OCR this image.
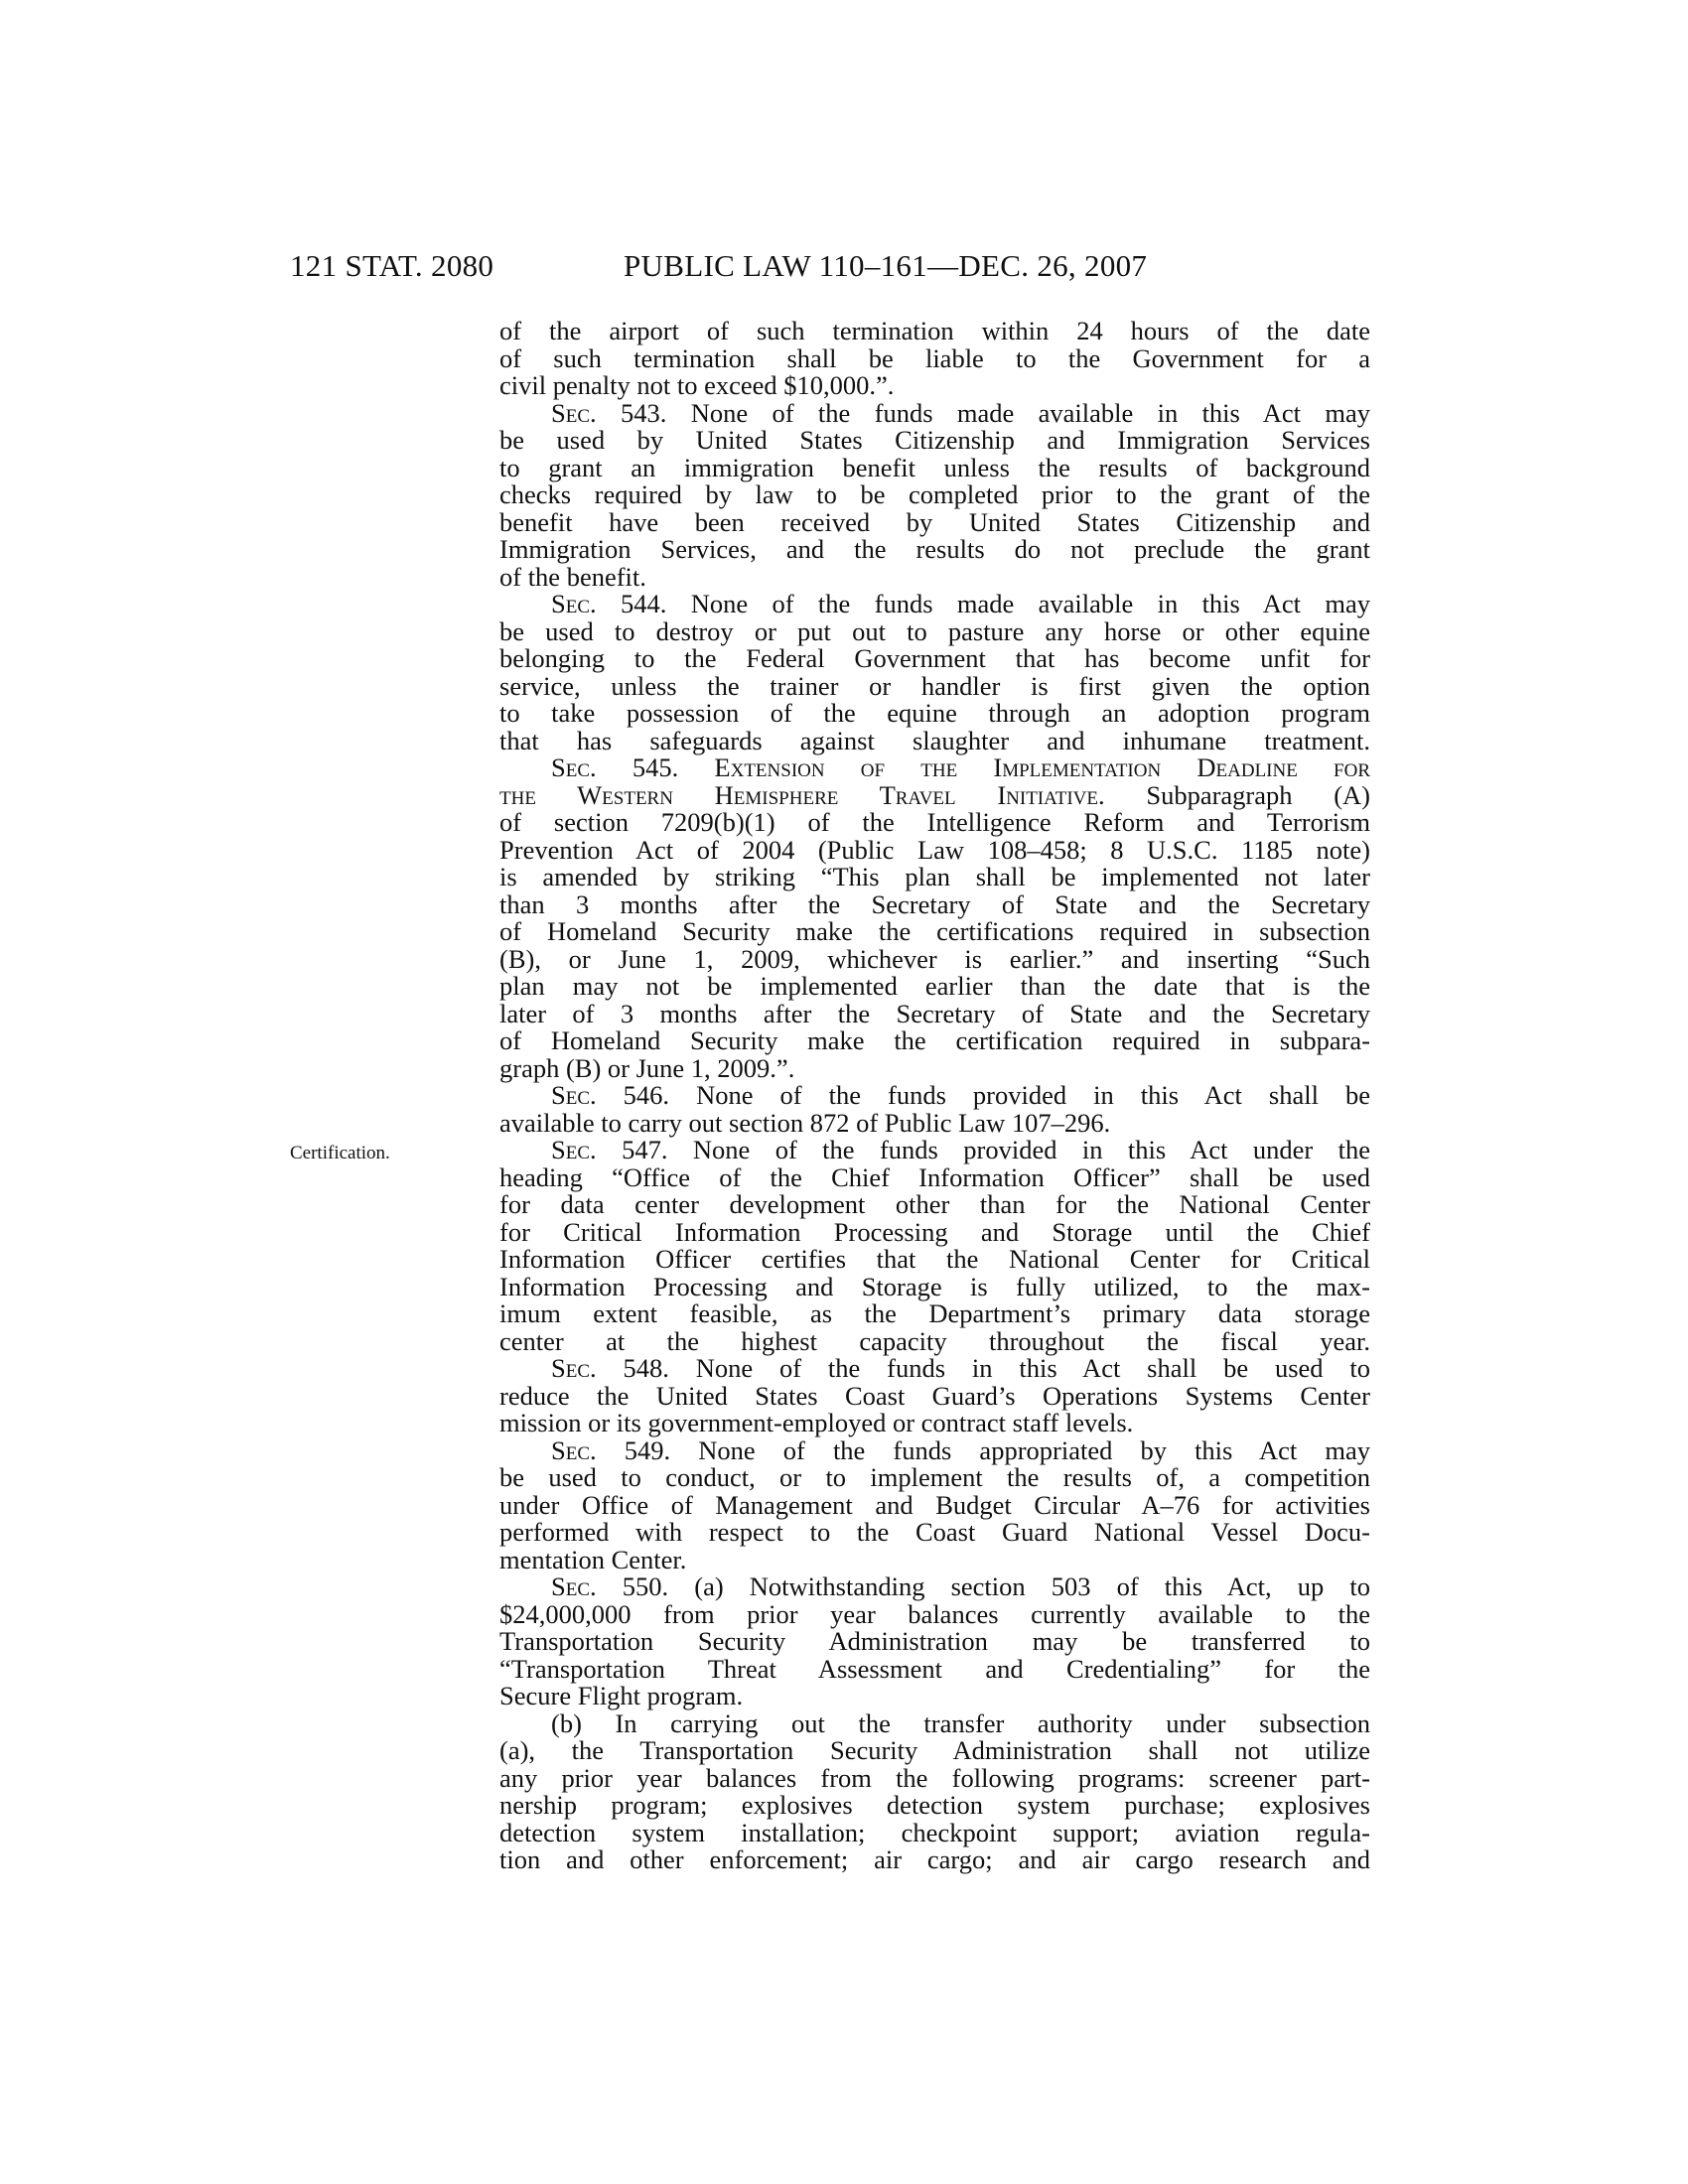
121 STAT. 2080	PUBLIC LAW 110–161—DEC. 26, 2007
Certification.
of the airport of such termination within 24 hours of the date
of such termination shall be liable to the Government for a
civil penalty not to exceed $10,000.”.
Sec. 543. None of the funds made available in this Act may
be used by United States Citizenship and Immigration Services
to grant an immigration benefit unless the results of background
checks required by law to be completed prior to the grant of the
benefit have been received by United States Citizenship and
Immigration Services, and the results do not preclude the grant
of the benefit.
Sec. 544. None of the funds made available in this Act may
be used to destroy or put out to pasture any horse or other equine
belonging to the Federal Government that has become unfit for
service, unless the trainer or handler is first given the option
to take possession of the equine through an adoption program
that has safeguards against slaughter and inhumane treatment.
Sec. 545. Extension of the Implementation Deadline for
the Western Hemisphere Travel Initiative. Subparagraph (A)
of section 7209(b)(1) of the Intelligence Reform and Terrorism
Prevention Act of 2004 (Public Law 108–458; 8 U.S.C. 1185 note)
is amended by striking “This plan shall be implemented not later
than 3 months after the Secretary of State and the Secretary
of Homeland Security make the certifications required in subsection
(B), or June 1, 2009, whichever is earlier.” and inserting “Such
plan may not be implemented earlier than the date that is the
later of 3 months after the Secretary of State and the Secretary
of Homeland Security make the certification required in subpara-
graph (B) or June 1, 2009.”.
Sec. 546. None of the funds provided in this Act shall be
available to carry out section 872 of Public Law 107–296.
Sec. 547. None of the funds provided in this Act under the
heading “Office of the Chief Information Officer” shall be used
for data center development other than for the National Center
for Critical Information Processing and Storage until the Chief
Information Officer certifies that the National Center for Critical
Information Processing and Storage is fully utilized, to the max-
imum extent feasible, as the Department’s primary data storage
center at the highest capacity throughout the fiscal year.
Sec. 548. None of the funds in this Act shall be used to
reduce the United States Coast Guard’s Operations Systems Center
mission or its government-employed or contract staff levels.
Sec. 549. None of the funds appropriated by this Act may
be used to conduct, or to implement the results of, a competition
under Office of Management and Budget Circular A–76 for activities
performed with respect to the Coast Guard National Vessel Docu-
mentation Center.
Sec. 550. (a) Notwithstanding section 503 of this Act, up to
$24,000,000 from prior year balances currently available to the
Transportation Security Administration may be transferred to
“Transportation Threat Assessment and Credentialing” for the
Secure Flight program.
(b) In carrying out the transfer authority under subsection
(a), the Transportation Security Administration shall not utilize
any prior year balances from the following programs: screener part-
nership program; explosives detection system purchase; explosives
detection system installation; checkpoint support; aviation regula-
tion and other enforcement; air cargo; and air cargo research and
